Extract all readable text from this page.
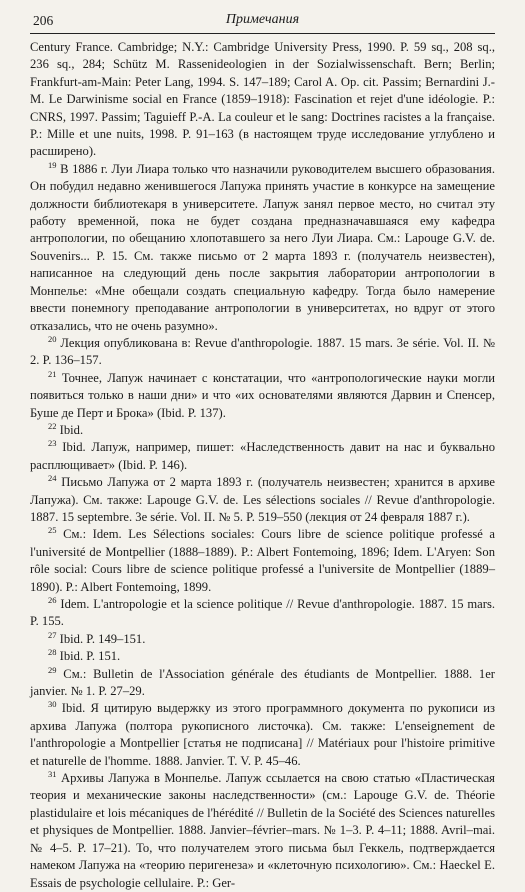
206	Примечания

Century France. Cambridge; N.Y.: Cambridge University Press, 1990. P. 59 sq., 208 sq., 236 sq., 284; Schütz M. Rassenideologien in der Sozialwissenschaft. Bern; Berlin; Frankfurt-am-Main: Peter Lang, 1994. S. 147–189; Carol A. Op. cit. Passim; Bernardini J.-M. Le Darwinisme social en France (1859–1918): Fascination et rejet d'une idéologie. P.: CNRS, 1997. Passim; Taguieff P.-A. La couleur et le sang: Doctrines racistes a la française. P.: Mille et une nuits, 1998. P. 91–163 (в настоящем труде исследование углублено и расширено).

$^{19}$ В 1886 г. Луи Лиара только что назначили руководителем высшего образования. Он побудил недавно женившегося Лапужа принять участие в конкурсе на замещение должности библиотекаря в университете. Лапуж занял первое место, но считал эту работу временной, пока не будет создана предназначавшаяся ему кафедра антропологии, по обещанию хлопотавшего за него Луи Лиара. См.: Lapouge G.V. de. Souvenirs... P. 15. См. также письмо от 2 марта 1893 г. (получатель неизвестен), написанное на следующий день после закрытия лаборатории антропологии в Монпелье: «Мне обещали создать специальную кафедру. Тогда было намерение ввести понемногу преподавание антропологии в университетах, но вдруг от этого отказались, что не очень разумно».

$^{20}$ Лекция опубликована в: Revue d'anthropologie. 1887. 15 mars. 3e série. Vol. II. № 2. P. 136–157.

$^{21}$ Точнее, Лапуж начинает с констатации, что «антропологические науки могли появиться только в наши дни» и что «их основателями являются Дарвин и Спенсер, Буше де Перт и Брока» (Ibid. P. 137).

$^{22}$ Ibid.

$^{23}$ Ibid. Лапуж, например, пишет: «Наследственность давит на нас и буквально расплющивает» (Ibid. P. 146).

$^{24}$ Письмо Лапужа от 2 марта 1893 г. (получатель неизвестен; хранится в архиве Лапужа). См. также: Lapouge G.V. de. Les sélections sociales // Revue d'anthropologie. 1887. 15 septembre. 3e série. Vol. II. № 5. P. 519–550 (лекция от 24 февраля 1887 г.).

$^{25}$ См.: Idem. Les Sélections sociales: Cours libre de science politique professé a l'université de Montpellier (1888–1889). P.: Albert Fontemoing, 1896; Idem. L'Aryen: Son rôle social: Cours libre de science politique professé a l'universite de Montpellier (1889–1890). P.: Albert Fontemoing, 1899.

$^{26}$ Idem. L'antropologie et la science politique // Revue d'anthropologie. 1887. 15 mars. P. 155.

$^{27}$ Ibid. P. 149–151.

$^{28}$ Ibid. P. 151.

$^{29}$ См.: Bulletin de l'Association générale des étudiants de Montpellier. 1888. 1er janvier. № 1. P. 27–29.

$^{30}$ Ibid. Я цитирую выдержку из этого программного документа по рукописи из архива Лапужа (полтора рукописного листочка). См. также: L'enseignement de l'anthropologie a Montpellier [статья не подписана] // Matériaux pour l'histoire primitive et naturelle de l'homme. 1888. Janvier. T. V. P. 45–46.

$^{31}$ Архивы Лапужа в Монпелье. Лапуж ссылается на свою статью «Пластическая теория и механические законы наследственности» (см.: Lapouge G.V. de. Théorie plastidulaire et lois mécaniques de l'hérédité // Bulletin de la Société des Sciences naturelles et physiques de Montpellier. 1888. Janvier–février–mars. № 1–3. P. 4–11; 1888. Avril–mai. № 4–5. P. 17–21). То, что получателем этого письма был Геккель, подтверждается намеком Лапужа на «теорию перигенеза» и «клеточную психологию». См.: Haeckel E. Essais de psychologie cellulaire. P.: Ger-
